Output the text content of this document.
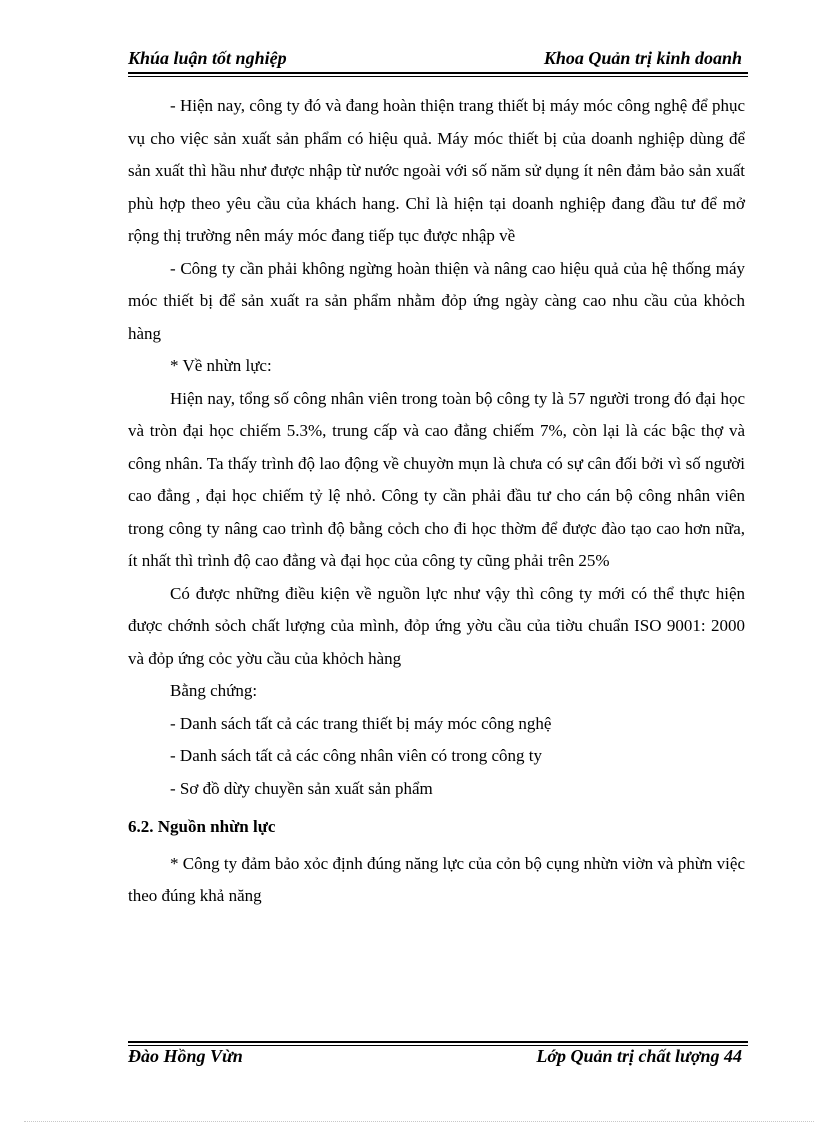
Khúa luận tốt nghiệp	Khoa Quản trị kinh doanh

- Hiện nay, công ty đó và đang hoàn thiện trang thiết bị máy móc công nghệ để phục vụ cho việc sản xuất sản phẩm có hiệu quả. Máy móc thiết bị của doanh nghiệp dùng để sản xuất thì hầu như được nhập từ nước ngoài với số năm sử dụng ít nên đảm bảo sản xuất phù hợp theo yêu cầu của khách hang. Chỉ là hiện tại doanh nghiệp đang đầu tư để mở rộng thị trường nên máy móc đang tiếp tục được nhập về

- Công ty cần phải không ngừng hoàn thiện và nâng cao hiệu quả của hệ thống máy móc thiết bị để sản xuất ra sản phẩm nhằm đỏp ứng ngày càng cao nhu cầu của khỏch hàng

* Về nhừn lực:

Hiện nay, tổng số công nhân viên trong toàn bộ công ty là 57 người trong đó đại học và tròn đại học chiếm 5.3%, trung cấp và cao đẳng chiếm 7%, còn lại là các bậc thợ và công nhân. Ta thấy trình độ lao động về chuyờn mụn là chưa có sự cân đối bởi vì số người cao đẳng , đại học chiếm tỷ lệ nhỏ. Công ty cần phải đầu tư cho cán bộ công nhân viên trong công ty nâng cao trình độ bằng cỏch cho đi học thờm để được đào tạo cao hơn nữa, ít nhất thì trình độ cao đẳng và đại học của công ty cũng phải trên 25%

Có được những điều kiện về nguồn lực như vậy thì công ty mới có thể thực hiện được chớnh sỏch chất lượng của mình, đỏp ứng yờu cầu của tiờu chuẩn ISO 9001: 2000 và đỏp ứng cỏc yờu cầu của khỏch hàng

Bằng chứng:

- Danh sách tất cả các trang thiết bị máy móc công nghệ

- Danh sách tất cả các công nhân viên có trong công ty

- Sơ đồ dừy chuyền sản xuất sản phẩm

6.2. Nguồn nhừn lực

* Công ty đảm bảo xỏc định đúng năng lực của cỏn bộ cụng nhừn viờn và phừn việc theo đúng khả năng

Đào Hồng Vừn	Lớp Quản trị chất lượng 44
